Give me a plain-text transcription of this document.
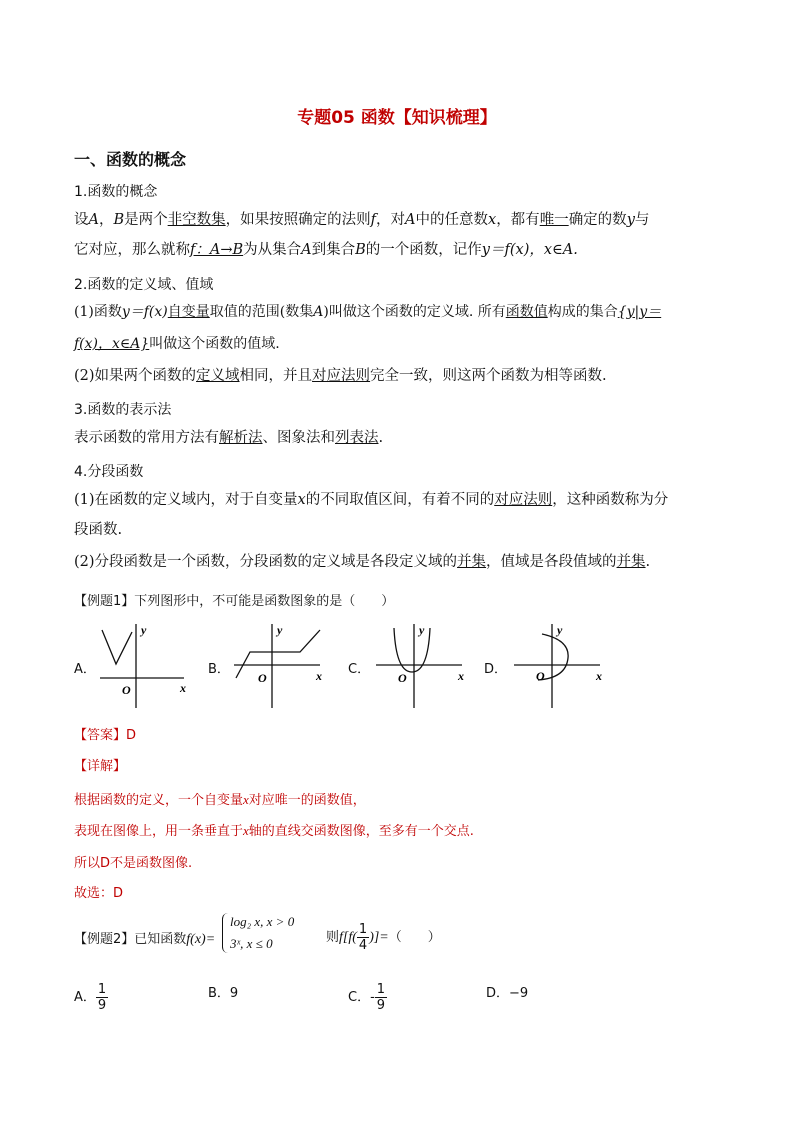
专题05 函数【知识梳理】
一、函数的概念
1.函数的概念
设A，B是两个非空数集，如果按照确定的法则f，对A中的任意数x，都有唯一确定的数y与
它对应，那么就称f：A→B为从集合A到集合B的一个函数，记作y＝f(x)，x∈A.
2.函数的定义域、值域
(1)函数y＝f(x)自变量取值的范围(数集A)叫做这个函数的定义域. 所有函数值构成的集合{y|y＝
f(x)，x∈A}叫做这个函数的值域.
(2)如果两个函数的定义域相同，并且对应法则完全一致，则这两个函数为相等函数.
3.函数的表示法
表示函数的常用方法有解析法、图象法和列表法.
4.分段函数
(1)在函数的定义域内，对于自变量x的不同取值区间，有着不同的对应法则，这种函数称为分
段函数.
(2)分段函数是一个函数，分段函数的定义域是各段定义域的并集，值域是各段值域的并集.
【例题1】下列图形中，不可能是函数图象的是（　　）
A．
y
x
O
B．
y
x
O
C．
y
x
O
D．
y
x
O
【答案】D
【详解】
根据函数的定义，一个自变量x对应唯一的函数值，
表现在图像上，用一条垂直于x轴的直线交函数图像，至多有一个交点.
所以D不是函数图像.
故选：D
【例题2】已知函数f(x)=
log₂ x, x > 0
3ˣ, x ≤ 0	则$f[f( \frac{1}{4}$ )]=（　　）
A． $\frac{1}{9}$	B．9	C．- $\frac{1}{9}$	D．−9
